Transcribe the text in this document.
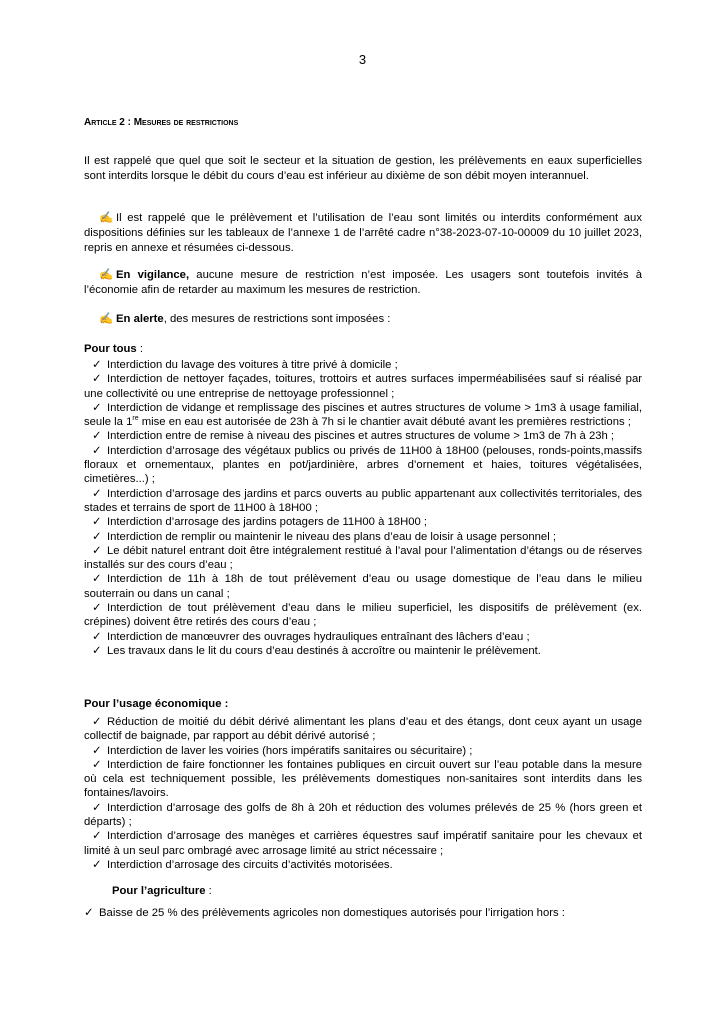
3
Article 2 : Mesures de restrictions
Il est rappelé que quel que soit le secteur et la situation de gestion, les prélèvements en eaux superficielles sont interdits lorsque le débit du cours d’eau est inférieur au dixième de son débit moyen interannuel.
✍ Il est rappelé que le prélèvement et l’utilisation de l’eau sont limités ou interdits conformément aux dispositions définies sur les tableaux de l’annexe 1 de l’arrêté cadre n°38-2023-07-10-00009 du 10 juillet 2023, repris en annexe et résumées ci-dessous.
✍ En vigilance, aucune mesure de restriction n’est imposée. Les usagers sont toutefois invités à l’économie afin de retarder au maximum les mesures de restriction.
✍ En alerte, des mesures de restrictions sont imposées :
Pour tous :
✓ Interdiction du lavage des voitures à titre privé à domicile ;
✓ Interdiction de nettoyer façades, toitures, trottoirs et autres surfaces imperméabilisées sauf si réalisé par une collectivité ou une entreprise de nettoyage professionnel ;
✓ Interdiction de vidange et remplissage des piscines et autres structures de volume > 1m3 à usage familial, seule la 1re mise en eau est autorisée de 23h à 7h si le chantier avait débuté avant les premières restrictions ;
✓ Interdiction entre de remise à niveau des piscines et autres structures de volume > 1m3 de 7h à 23h ;
✓ Interdiction d’arrosage des végétaux publics ou privés de 11H00 à 18H00 (pelouses, ronds-points,massifs floraux et ornementaux, plantes en pot/jardinière, arbres d’ornement et haies, toitures végétalisées, cimetières...) ;
✓ Interdiction d’arrosage des jardins et parcs ouverts au public appartenant aux collectivités territoriales, des stades et terrains de sport de 11H00 à 18H00 ;
✓ Interdiction d’arrosage des jardins potagers de 11H00 à 18H00 ;
✓ Interdiction de remplir ou maintenir le niveau des plans d’eau de loisir à usage personnel ;
✓ Le débit naturel entrant doit être intégralement restitué à l’aval pour l’alimentation d’étangs ou de réserves installés sur des cours d’eau ;
✓ Interdiction de 11h à 18h de tout prélèvement d’eau ou usage domestique de l’eau dans le milieu souterrain ou dans un canal ;
✓ Interdiction de tout prélèvement d’eau dans le milieu superficiel, les dispositifs de prélèvement (ex. crépines) doivent être retirés des cours d’eau ;
✓ Interdiction de manœuvrer des ouvrages hydrauliques entraînant des lâchers d’eau ;
✓ Les travaux dans le lit du cours d’eau destinés à accroître ou maintenir le prélèvement.
Pour l’usage économique :
✓ Réduction de moitié du débit dérivé alimentant les plans d’eau et des étangs, dont ceux ayant un usage collectif de baignade, par rapport au débit dérivé autorisé ;
✓ Interdiction de laver les voiries (hors impératifs sanitaires ou sécuritaire) ;
✓ Interdiction de faire fonctionner les fontaines publiques en circuit ouvert sur l’eau potable dans la mesure où cela est techniquement possible, les prélèvements domestiques non-sanitaires sont interdits dans les fontaines/lavoirs.
✓ Interdiction d’arrosage des golfs de 8h à 20h et réduction des volumes prélevés de 25 % (hors green et départs) ;
✓ Interdiction d’arrosage des manèges et carrières équestres sauf impératif sanitaire pour les chevaux et limité à un seul parc ombragé avec arrosage limité au strict nécessaire ;
✓ Interdiction d’arrosage des circuits d’activités motorisées.
Pour l’agriculture :
✓ Baisse de 25 % des prélèvements agricoles non domestiques autorisés pour l’irrigation hors :
